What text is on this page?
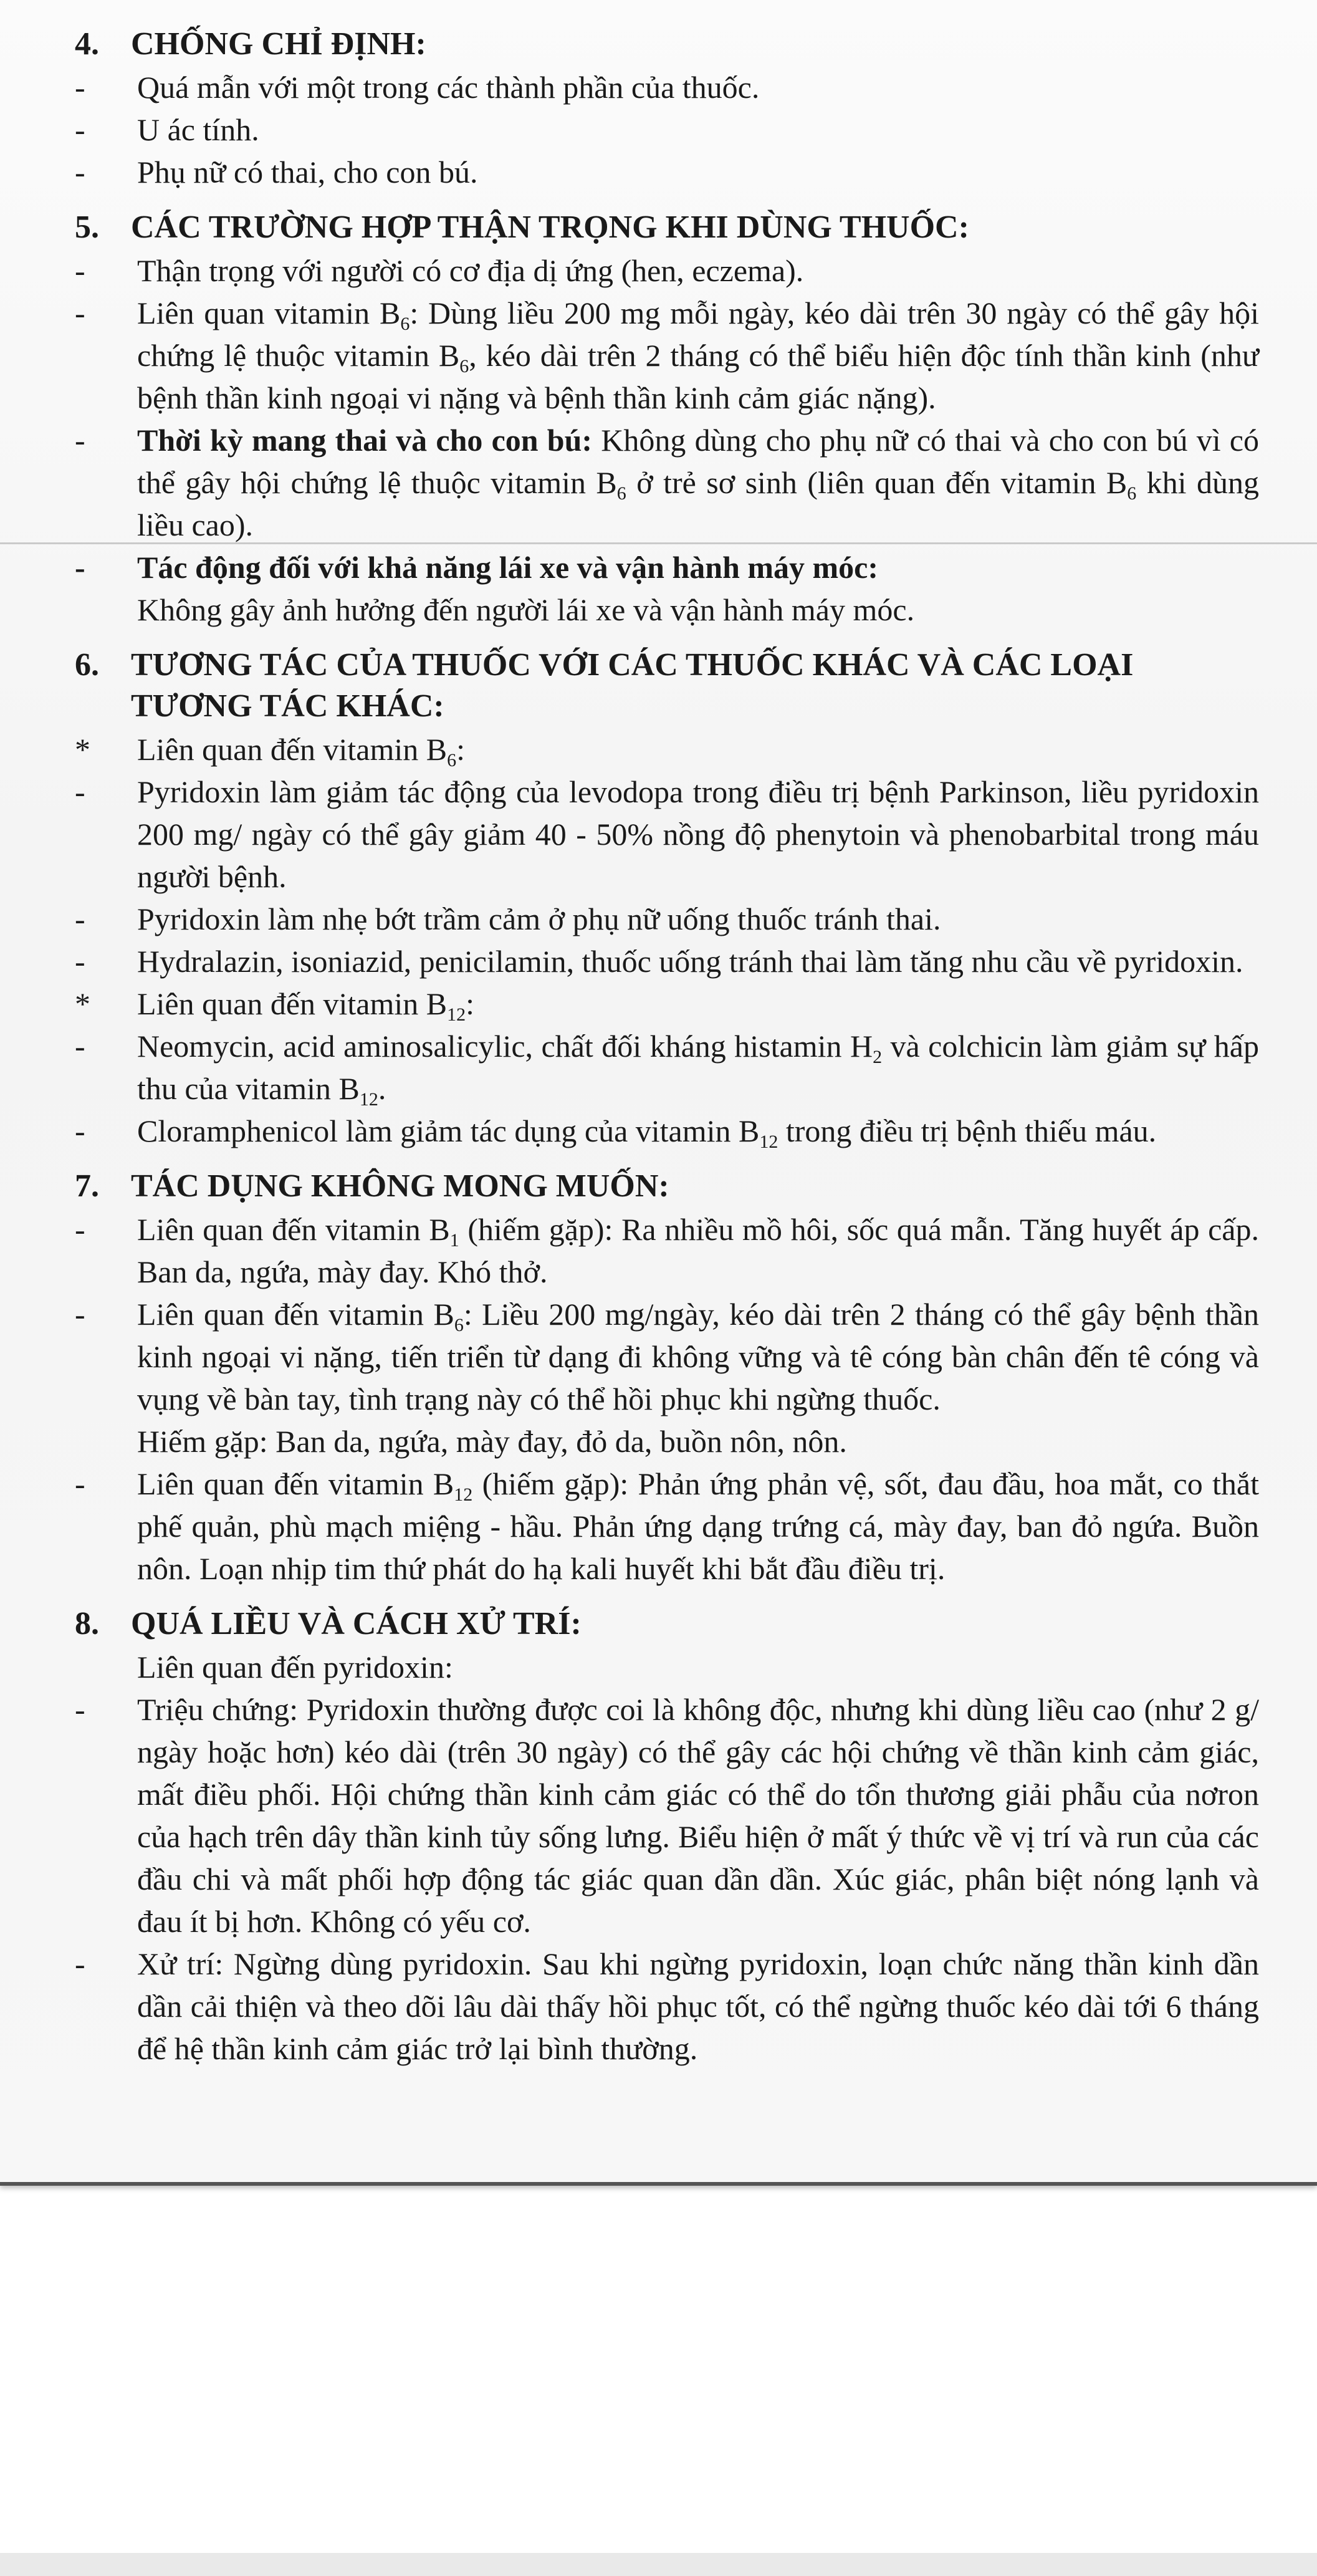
4. CHỐNG CHỈ ĐỊNH:
-	Quá mẫn với một trong các thành phần của thuốc.
-	U ác tính.
-	Phụ nữ có thai, cho con bú.
5. CÁC TRƯỜNG HỢP THẬN TRỌNG KHI DÙNG THUỐC:
-	Thận trọng với người có cơ địa dị ứng (hen, eczema).
-	Liên quan vitamin $B_6$: Dùng liều 200 mg mỗi ngày, kéo dài trên 30 ngày có thể gây hội chứng lệ thuộc vitamin $B_6$, kéo dài trên 2 tháng có thể biểu hiện độc tính thần kinh (như bệnh thần kinh ngoại vi nặng và bệnh thần kinh cảm giác nặng).
-	Thời kỳ mang thai và cho con bú: Không dùng cho phụ nữ có thai và cho con bú vì có thể gây hội chứng lệ thuộc vitamin $B_6$ ở trẻ sơ sinh (liên quan đến vitamin $B_6$ khi dùng liều cao).
-	Tác động đối với khả năng lái xe và vận hành máy móc:
Không gây ảnh hưởng đến người lái xe và vận hành máy móc.
6. TƯƠNG TÁC CỦA THUỐC VỚI CÁC THUỐC KHÁC VÀ CÁC LOẠI TƯƠNG TÁC KHÁC:
*	Liên quan đến vitamin $B_6$:
-	Pyridoxin làm giảm tác động của levodopa trong điều trị bệnh Parkinson, liều pyridoxin 200 mg/ ngày có thể gây giảm 40 - 50% nồng độ phenytoin và phenobarbital trong máu người bệnh.
-	Pyridoxin làm nhẹ bớt trầm cảm ở phụ nữ uống thuốc tránh thai.
-	Hydralazin, isoniazid, penicilamin, thuốc uống tránh thai làm tăng nhu cầu về pyridoxin.
*	Liên quan đến vitamin $B_{12}$:
-	Neomycin, acid aminosalicylic, chất đối kháng histamin $H_2$ và colchicin làm giảm sự hấp thu của vitamin $B_{12}$.
-	Cloramphenicol làm giảm tác dụng của vitamin $B_{12}$ trong điều trị bệnh thiếu máu.
7. TÁC DỤNG KHÔNG MONG MUỐN:
-	Liên quan đến vitamin $B_1$ (hiếm gặp): Ra nhiều mồ hôi, sốc quá mẫn. Tăng huyết áp cấp. Ban da, ngứa, mày đay. Khó thở.
-	Liên quan đến vitamin $B_6$: Liều 200 mg/ngày, kéo dài trên 2 tháng có thể gây bệnh thần kinh ngoại vi nặng, tiến triển từ dạng đi không vững và tê cóng bàn chân đến tê cóng và vụng về bàn tay, tình trạng này có thể hồi phục khi ngừng thuốc.
Hiếm gặp: Ban da, ngứa, mày đay, đỏ da, buồn nôn, nôn.
-	Liên quan đến vitamin $B_{12}$ (hiếm gặp): Phản ứng phản vệ, sốt, đau đầu, hoa mắt, co thắt phế quản, phù mạch miệng - hầu. Phản ứng dạng trứng cá, mày đay, ban đỏ ngứa. Buồn nôn. Loạn nhịp tim thứ phát do hạ kali huyết khi bắt đầu điều trị.
8. QUÁ LIỀU VÀ CÁCH XỬ TRÍ:
Liên quan đến pyridoxin:
-	Triệu chứng: Pyridoxin thường được coi là không độc, nhưng khi dùng liều cao (như 2 g/ ngày hoặc hơn) kéo dài (trên 30 ngày) có thể gây các hội chứng về thần kinh cảm giác, mất điều phối. Hội chứng thần kinh cảm giác có thể do tổn thương giải phẫu của nơron của hạch trên dây thần kinh tủy sống lưng. Biểu hiện ở mất ý thức về vị trí và run của các đầu chi và mất phối hợp động tác giác quan dần dần. Xúc giác, phân biệt nóng lạnh và đau ít bị hơn. Không có yếu cơ.
-	Xử trí: Ngừng dùng pyridoxin. Sau khi ngừng pyridoxin, loạn chức năng thần kinh dần dần cải thiện và theo dõi lâu dài thấy hồi phục tốt, có thể ngừng thuốc kéo dài tới 6 tháng để hệ thần kinh cảm giác trở lại bình thường.
